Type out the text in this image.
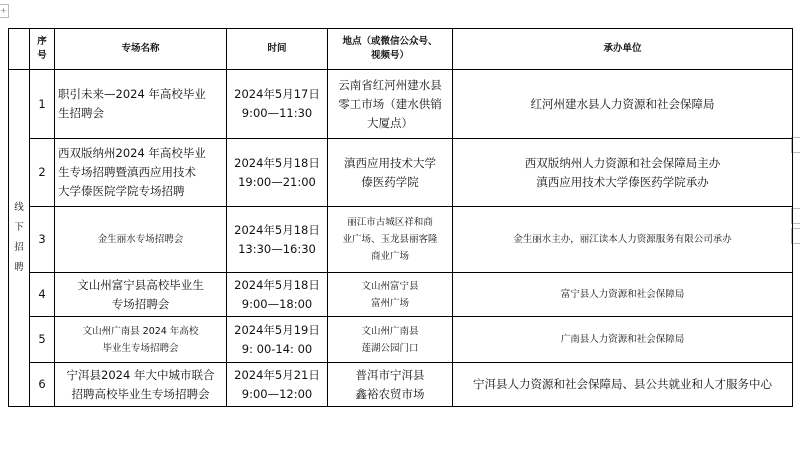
+

	序
号	专场名称	时间	地点（或微信公众号、
视频号）	承办单位

线
下
招
聘	1	职引未来—2024 年高校毕业
生招聘会	2024年5月17日
9:00—11:30	云南省红河州建水县
零工市场（建水供销
大厦点）	红河州建水县人力资源和社会保障局

	2	西双版纳州2024 年高校毕业
生专场招聘暨滇西应用技术
大学傣医院学院专场招聘	2024年5月18日
19:00—21:00	滇西应用技术大学
傣医药学院	西双版纳州人力资源和社会保障局主办
滇西应用技术大学傣医药学院承办

	3	金生丽水专场招聘会	2024年5月18日
13:30—16:30	丽江市古城区祥和商
业广场、玉龙县丽客隆
商业广场	金生丽水主办，丽江读本人力资源服务有限公司承办

	4	文山州富宁县高校毕业生
专场招聘会	2024年5月18日
9:00—18:00	文山州富宁县
富州广场	富宁县人力资源和社会保障局

	5	文山州广南县 2024 年高校
毕业生专场招聘会	2024年5月19日
9: 00-14: 00	文山州广南县
莲湖公园门口	广南县人力资源和社会保障局

	6	宁洱县2024 年大中城市联合
招聘高校毕业生专场招聘会	2024年5月21日
9:00—12:00	普洱市宁洱县
鑫裕农贸市场	宁洱县人力资源和社会保障局、县公共就业和人才服务中心
